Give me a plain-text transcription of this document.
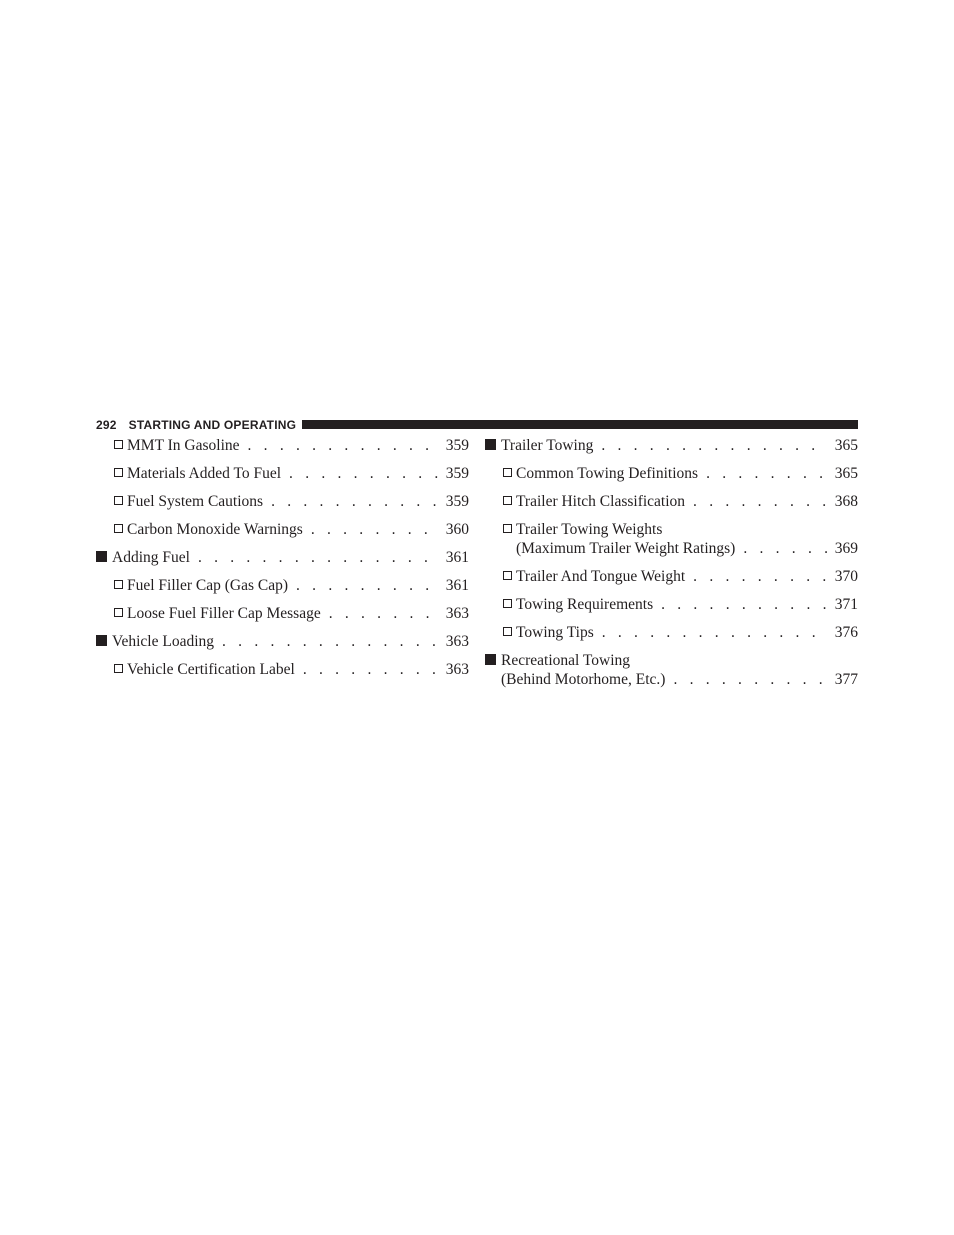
292 STARTING AND OPERATING
MMT In Gasoline . . .	359
Materials Added To Fuel . . .	359
Fuel System Cautions . . .	359
Carbon Monoxide Warnings . . .	360
Adding Fuel . . .	361
Fuel Filler Cap (Gas Cap) . . .	361
Loose Fuel Filler Cap Message . . .	363
Vehicle Loading . . .	363
Vehicle Certification Label . . .	363
Trailer Towing . . .	365
Common Towing Definitions . . .	365
Trailer Hitch Classification . . .	368
Trailer Towing Weights
(Maximum Trailer Weight Ratings) . . .	369
Trailer And Tongue Weight . . .	370
Towing Requirements . . .	371
Towing Tips . . .	376
Recreational Towing
(Behind Motorhome, Etc.) . . .	377
